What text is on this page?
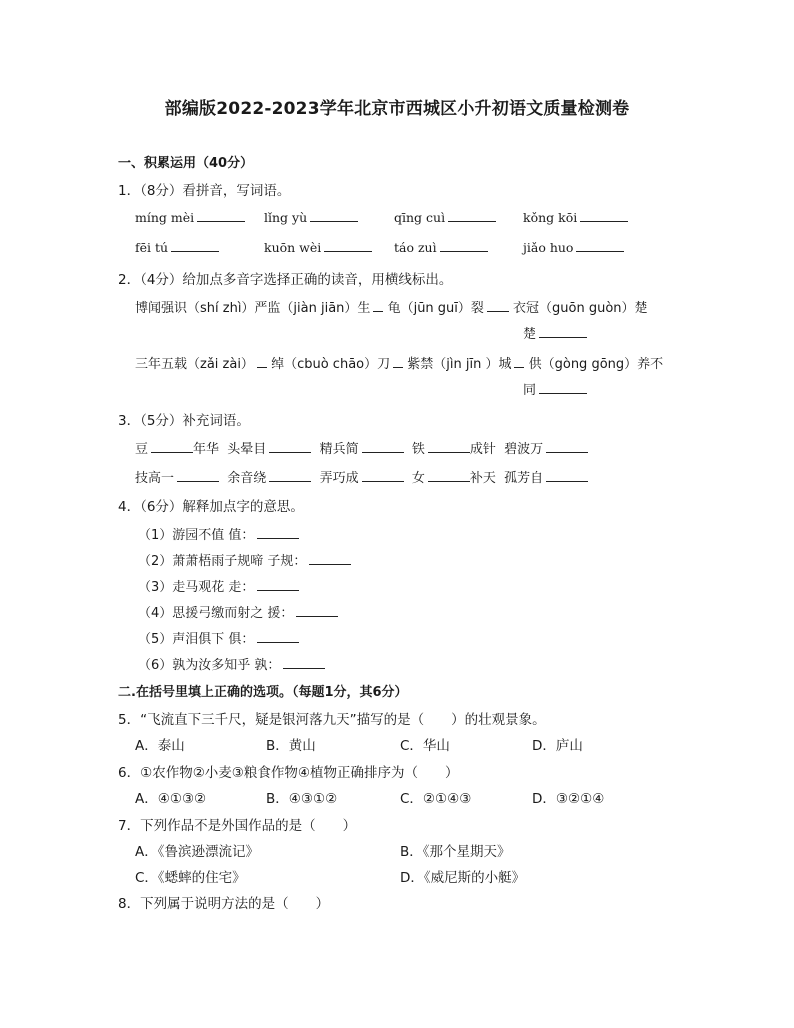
部编版2022-2023学年北京市西城区小升初语文质量检测卷
一、积累运用（40分）
1．（8分）看拼音，写词语。
míng mèi	lǐng yù	qīng cuì	kǒng kōi
fēi tú	kuōn wèi	táo zuì	jiǎo huo
2．（4分）给加点多音字选择正确的读音，用横线标出。
博闻强识（shí zhì）严监（jiàn jiān）生 龟（jūn guī）裂 衣冠（guōn guòn）楚
楚
三年五载（zǎi zài） 绰（cbuò chāo）刀 紫禁（jìn jīn ）城 供（gòng gōng）养不
同
3．（5分）补充词语。
豆	年华 头晕目	精兵简	铁	成针 碧波万
技高一	余音绕	弄巧成	女	补天 孤芳自
4．（6分）解释加点字的意思。
（1）游园不值 值：
（2）萧萧梧雨子规啼 子规：
（3）走马观花 走：
（4）思援弓缴而射之 援：
（5）声泪俱下 俱：
（6）孰为汝多知乎 孰：
二.在括号里填上正确的选项。（每题1分，其6分）
5．“飞流直下三千尺，疑是银河落九天”描写的是（　　）的壮观景象。
A．泰山	B．黄山	C．华山	D．庐山
6．①农作物②小麦③粮食作物④植物正确排序为（　　）
A．④①③②	B．④③①②	C．②①④③	D．③②①④
7．下列作品不是外国作品的是（　　）
A．《鲁滨逊漂流记》	B．《那个星期天》
C．《蟋蟀的住宅》	D．《威尼斯的小艇》
8．下列属于说明方法的是（　　）
